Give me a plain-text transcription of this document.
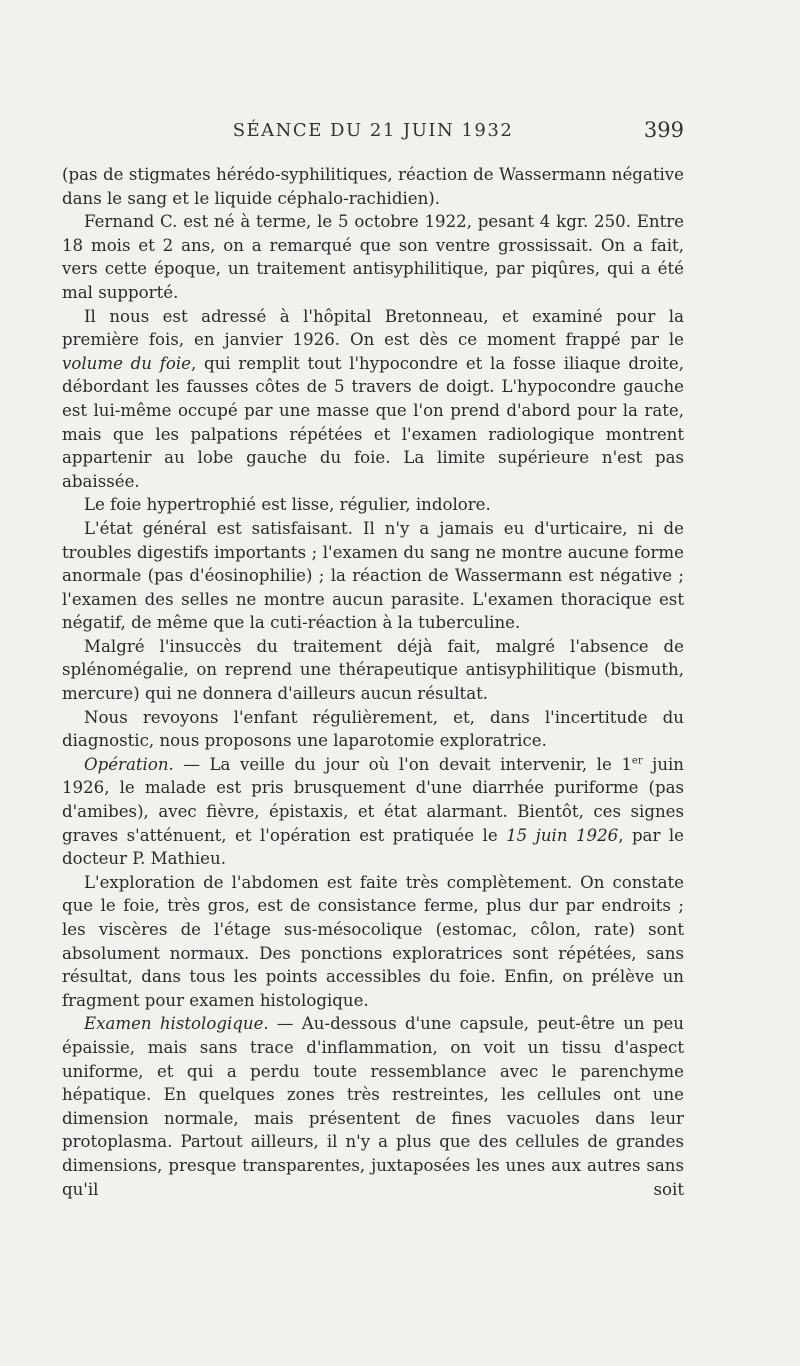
SÉANCE DU 21 JUIN 1932	399

(pas de stigmates hérédo-syphilitiques, réaction de Wassermann négative dans le sang et le liquide céphalo-rachidien).

Fernand C. est né à terme, le 5 octobre 1922, pesant 4 kgr. 250. Entre 18 mois et 2 ans, on a remarqué que son ventre grossissait. On a fait, vers cette époque, un traitement antisyphilitique, par piqûres, qui a été mal supporté.

Il nous est adressé à l'hôpital Bretonneau, et examiné pour la première fois, en janvier 1926. On est dès ce moment frappé par le volume du foie, qui remplit tout l'hypocondre et la fosse iliaque droite, débordant les fausses côtes de 5 travers de doigt. L'hypocondre gauche est lui-même occupé par une masse que l'on prend d'abord pour la rate, mais que les palpations répétées et l'examen radiologique montrent appartenir au lobe gauche du foie. La limite supérieure n'est pas abaissée.

Le foie hypertrophié est lisse, régulier, indolore.

L'état général est satisfaisant. Il n'y a jamais eu d'urticaire, ni de troubles digestifs importants ; l'examen du sang ne montre aucune forme anormale (pas d'éosinophilie) ; la réaction de Wassermann est négative ; l'examen des selles ne montre aucun parasite. L'examen thoracique est négatif, de même que la cuti-réaction à la tuberculine.

Malgré l'insuccès du traitement déjà fait, malgré l'absence de splénomégalie, on reprend une thérapeutique antisyphilitique (bismuth, mercure) qui ne donnera d'ailleurs aucun résultat.

Nous revoyons l'enfant régulièrement, et, dans l'incertitude du diagnostic, nous proposons une laparotomie exploratrice.

Opération. — La veille du jour où l'on devait intervenir, le 1er juin 1926, le malade est pris brusquement d'une diarrhée puriforme (pas d'amibes), avec fièvre, épistaxis, et état alarmant. Bientôt, ces signes graves s'atténuent, et l'opération est pratiquée le 15 juin 1926, par le docteur P. Mathieu.

L'exploration de l'abdomen est faite très complètement. On constate que le foie, très gros, est de consistance ferme, plus dur par endroits ; les viscères de l'étage sus-mésocolique (estomac, côlon, rate) sont absolument normaux. Des ponctions exploratrices sont répétées, sans résultat, dans tous les points accessibles du foie. Enfin, on prélève un fragment pour examen histologique.

Examen histologique. — Au-dessous d'une capsule, peut-être un peu épaissie, mais sans trace d'inflammation, on voit un tissu d'aspect uniforme, et qui a perdu toute ressemblance avec le parenchyme hépatique. En quelques zones très restreintes, les cellules ont une dimension normale, mais présentent de fines vacuoles dans leur protoplasma. Partout ailleurs, il n'y a plus que des cellules de grandes dimensions, presque transparentes, juxtaposées les unes aux autres sans qu'il soit
